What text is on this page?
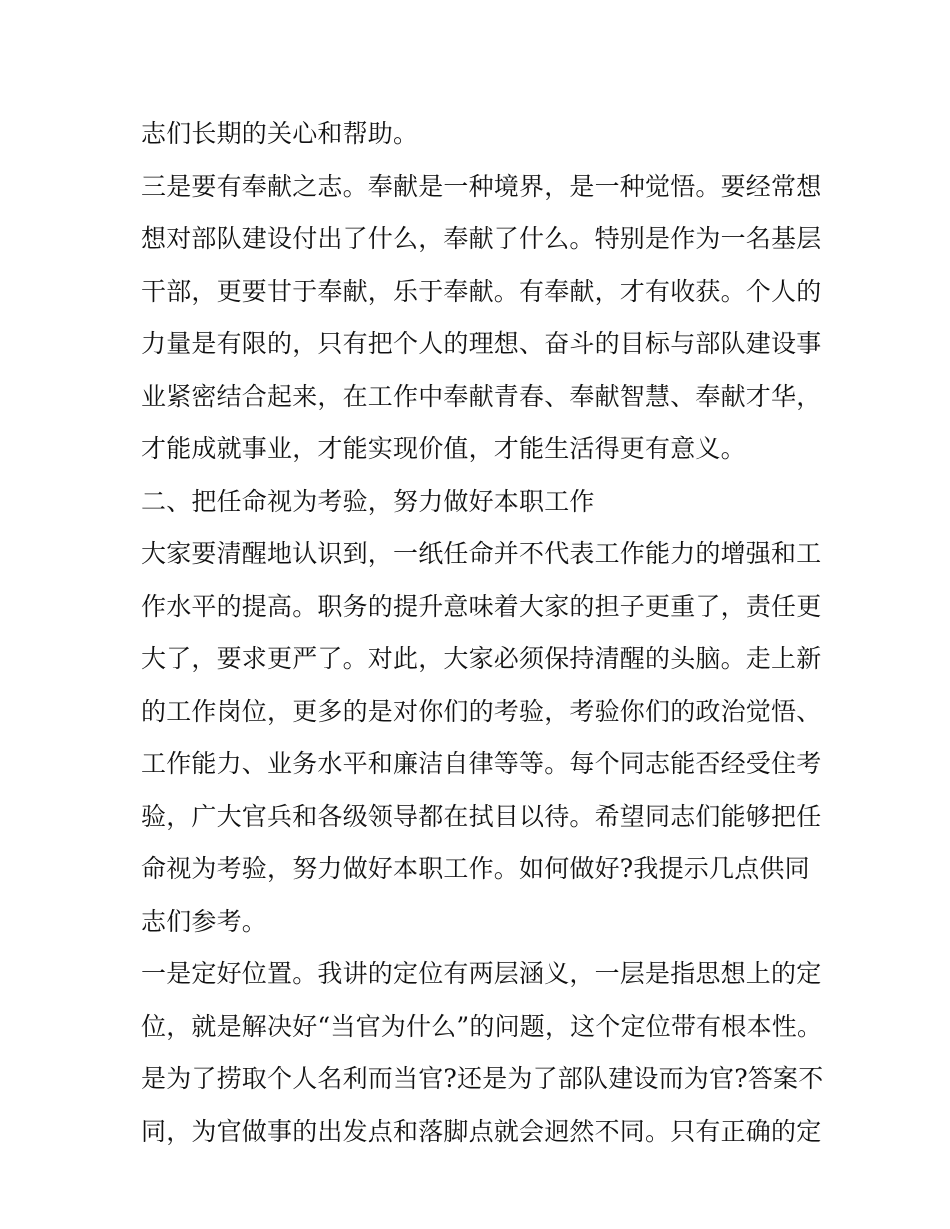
志们长期的关心和帮助。
三是要有奉献之志。奉献是一种境界，是一种觉悟。要经常想
想对部队建设付出了什么，奉献了什么。特别是作为一名基层
干部，更要甘于奉献，乐于奉献。有奉献，才有收获。个人的
力量是有限的，只有把个人的理想、奋斗的目标与部队建设事
业紧密结合起来，在工作中奉献青春、奉献智慧、奉献才华，
才能成就事业，才能实现价值，才能生活得更有意义。
二、把任命视为考验，努力做好本职工作
大家要清醒地认识到，一纸任命并不代表工作能力的增强和工
作水平的提高。职务的提升意味着大家的担子更重了，责任更
大了，要求更严了。对此，大家必须保持清醒的头脑。走上新
的工作岗位，更多的是对你们的考验，考验你们的政治觉悟、
工作能力、业务水平和廉洁自律等等。每个同志能否经受住考
验，广大官兵和各级领导都在拭目以待。希望同志们能够把任
命视为考验，努力做好本职工作。如何做好?我提示几点供同
志们参考。
一是定好位置。我讲的定位有两层涵义，一层是指思想上的定
位，就是解决好“当官为什么”的问题，这个定位带有根本性。
是为了捞取个人名利而当官?还是为了部队建设而为官?答案不
同，为官做事的出发点和落脚点就会迥然不同。只有正确的定
